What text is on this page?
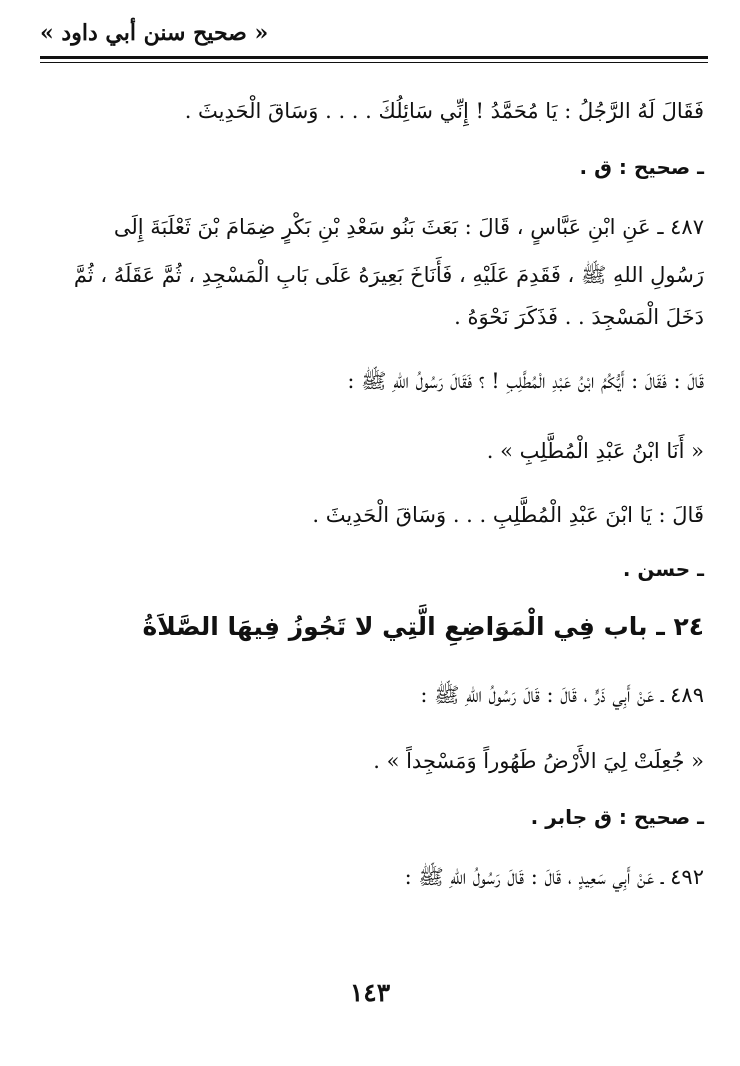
« صحيح سنن أبي داود »
فَقَالَ لَهُ الرَّجُلُ : يَا مُحَمَّدُ ! إِنِّي سَائِلُكَ . . . . وَسَاقَ الْحَدِيثَ .
ـ صحيح : ق .
٤٨٧ ـ عَنِ ابْنِ عَبَّاسٍ ، قَالَ : بَعَثَ بَنُو سَعْدِ بْنِ بَكْرٍ ضِمَامَ بْنَ ثَعْلَبَةَ إِلَى
رَسُولِ اللهِ ﷺ ، فَقَدِمَ عَلَيْهِ ، فَأَنَاخَ بَعِيرَهُ عَلَى بَابِ الْمَسْجِدِ ، ثُمَّ عَقَلَهُ ، ثُمَّ
دَخَلَ الْمَسْجِدَ . . فَذَكَرَ نَحْوَهُ .
قَالَ : فَقَالَ : أَيُّكُمُ ابْنُ عَبْدِ الْمُطَّلِبِ ! ؟ فَقَالَ رَسُولُ اللهِ ﷺ :
« أَنَا ابْنُ عَبْدِ الْمُطَّلِبِ » .
قَالَ : يَا ابْنَ عَبْدِ الْمُطَّلِبِ . . . وَسَاقَ الْحَدِيثَ .
ـ حسن .
٢٤ ـ باب فِي الْمَوَاضِعِ الَّتِي لا تَجُوزُ فِيهَا الصَّلاَةُ
٤٨٩ ـ عَنْ أَبِي ذَرٍّ ، قَالَ : قَالَ رَسُولُ اللهِ ﷺ :
« جُعِلَتْ لِيَ الأَرْضُ طَهُوراً وَمَسْجِداً » .
ـ صحيح : ق جابر .
٤٩٢ ـ عَنْ أَبِي سَعِيدٍ ، قَالَ : قَالَ رَسُولُ اللهِ ﷺ :
١٤٣
